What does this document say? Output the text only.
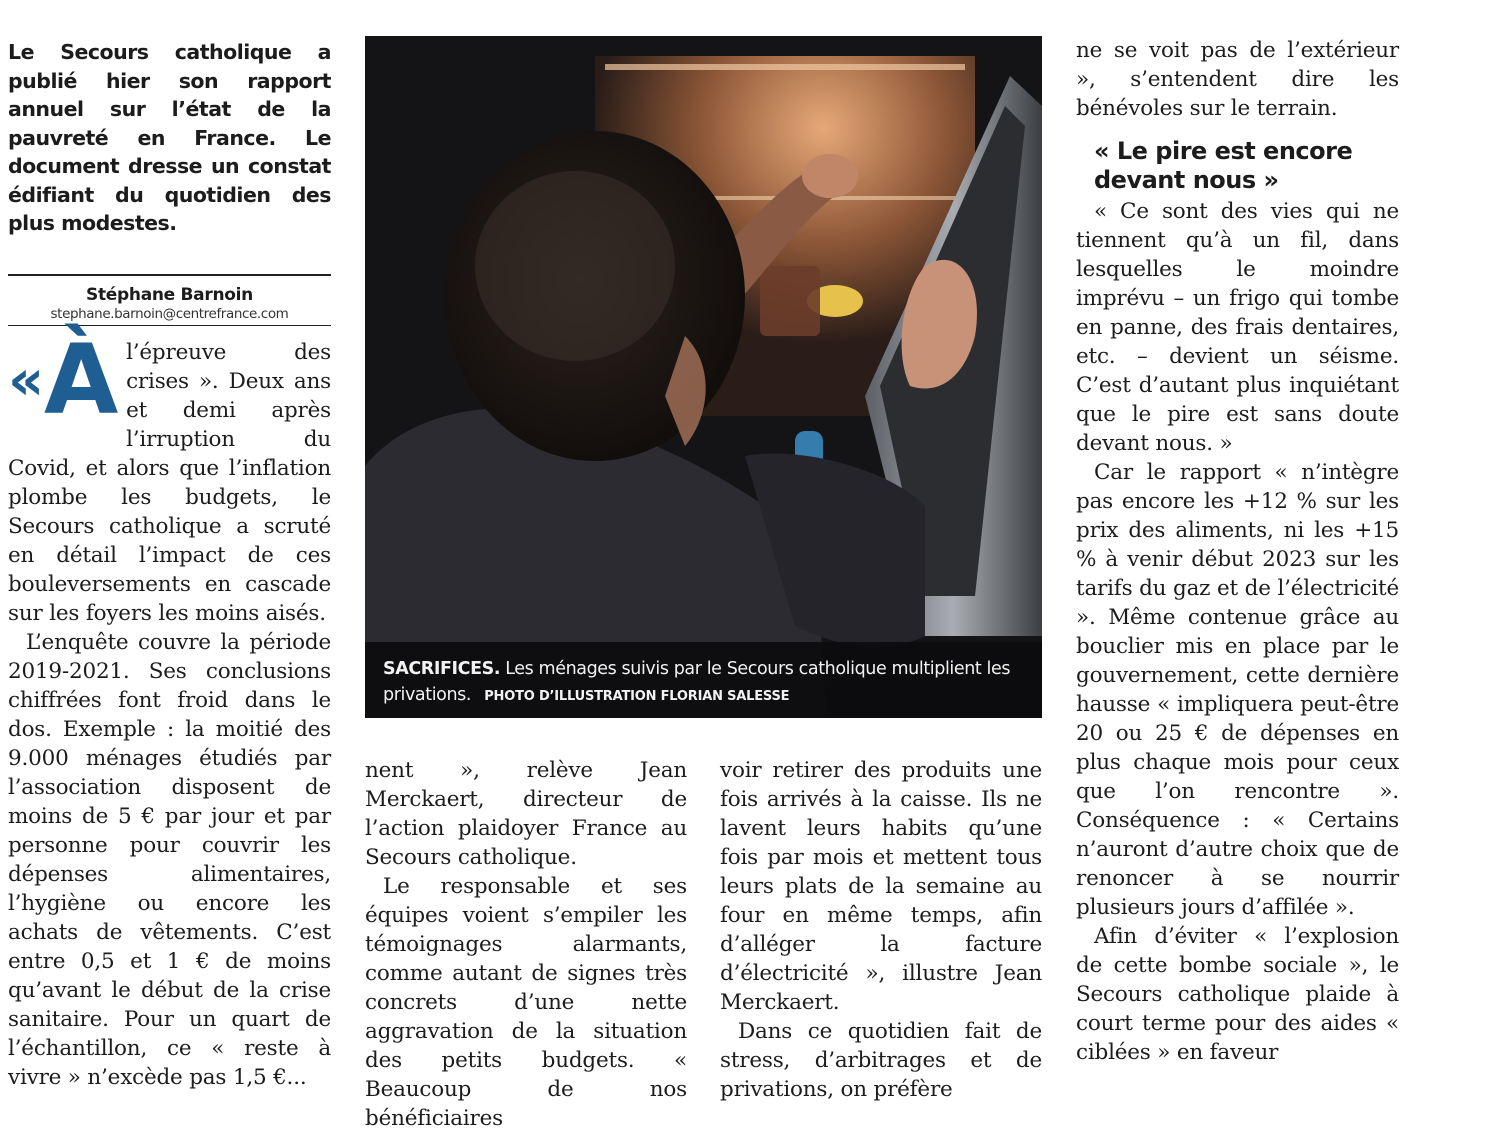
Le Secours catholique a publié hier son rapport annuel sur l’état de la pauvreté en France. Le document dresse un constat édifiant du quotidien des plus modestes.

Stéphane Barnoin
stephane.barnoin@centrefrance.com
«À l’épreuve des crises ». Deux ans et demi après l’irruption du Covid, et alors que l’inflation plombe les budgets, le Secours catholique a scruté en détail l’impact de ces bouleversements en cascade sur les foyers les moins aisés.

L’enquête couvre la période 2019-2021. Ses conclusions chiffrées font froid dans le dos. Exemple : la moitié des 9.000 ménages étudiés par l’association disposent de moins de 5 € par jour et par personne pour couvrir les dépenses alimentaires, l’hygiène ou encore les achats de vêtements. C’est entre 0,5 et 1 € de moins qu’avant le début de la crise sanitaire. Pour un quart de l’échantillon, ce « reste à vivre » n’excède pas 1,5 €...

SACRIFICES. Les ménages suivis par le Secours catholique multiplient les privations. PHOTO D’ILLUSTRATION FLORIAN SALESSE

nent », relève Jean Merckaert, directeur de l’action plaidoyer France au Secours catholique.

Le responsable et ses équipes voient s’empiler les témoignages alarmants, comme autant de signes très concrets d’une nette aggravation de la situation des petits budgets. « Beaucoup de nos bénéficiaires

voir retirer des produits une fois arrivés à la caisse. Ils ne lavent leurs habits qu’une fois par mois et mettent tous leurs plats de la semaine au four en même temps, afin d’alléger la facture d’électricité », illustre Jean Merckaert.

Dans ce quotidien fait de stress, d’arbitrages et de privations, on préfère

ne se voit pas de l’extérieur », s’entendent dire les bénévoles sur le terrain.

« Le pire est encore devant nous »

« Ce sont des vies qui ne tiennent qu’à un fil, dans lesquelles le moindre imprévu – un frigo qui tombe en panne, des frais dentaires, etc. – devient un séisme. C’est d’autant plus inquiétant que le pire est sans doute devant nous. »

Car le rapport « n’intègre pas encore les +12 % sur les prix des aliments, ni les +15 % à venir début 2023 sur les tarifs du gaz et de l’électricité ». Même contenue grâce au bouclier mis en place par le gouvernement, cette dernière hausse « impliquera peut-être 20 ou 25 € de dépenses en plus chaque mois pour ceux que l’on rencontre ». Conséquence : « Certains n’auront d’autre choix que de renoncer à se nourrir plusieurs jours d’affilée ».

Afin d’éviter « l’explosion de cette bombe sociale », le Secours catholique plaide à court terme pour des aides « ciblées » en faveur
